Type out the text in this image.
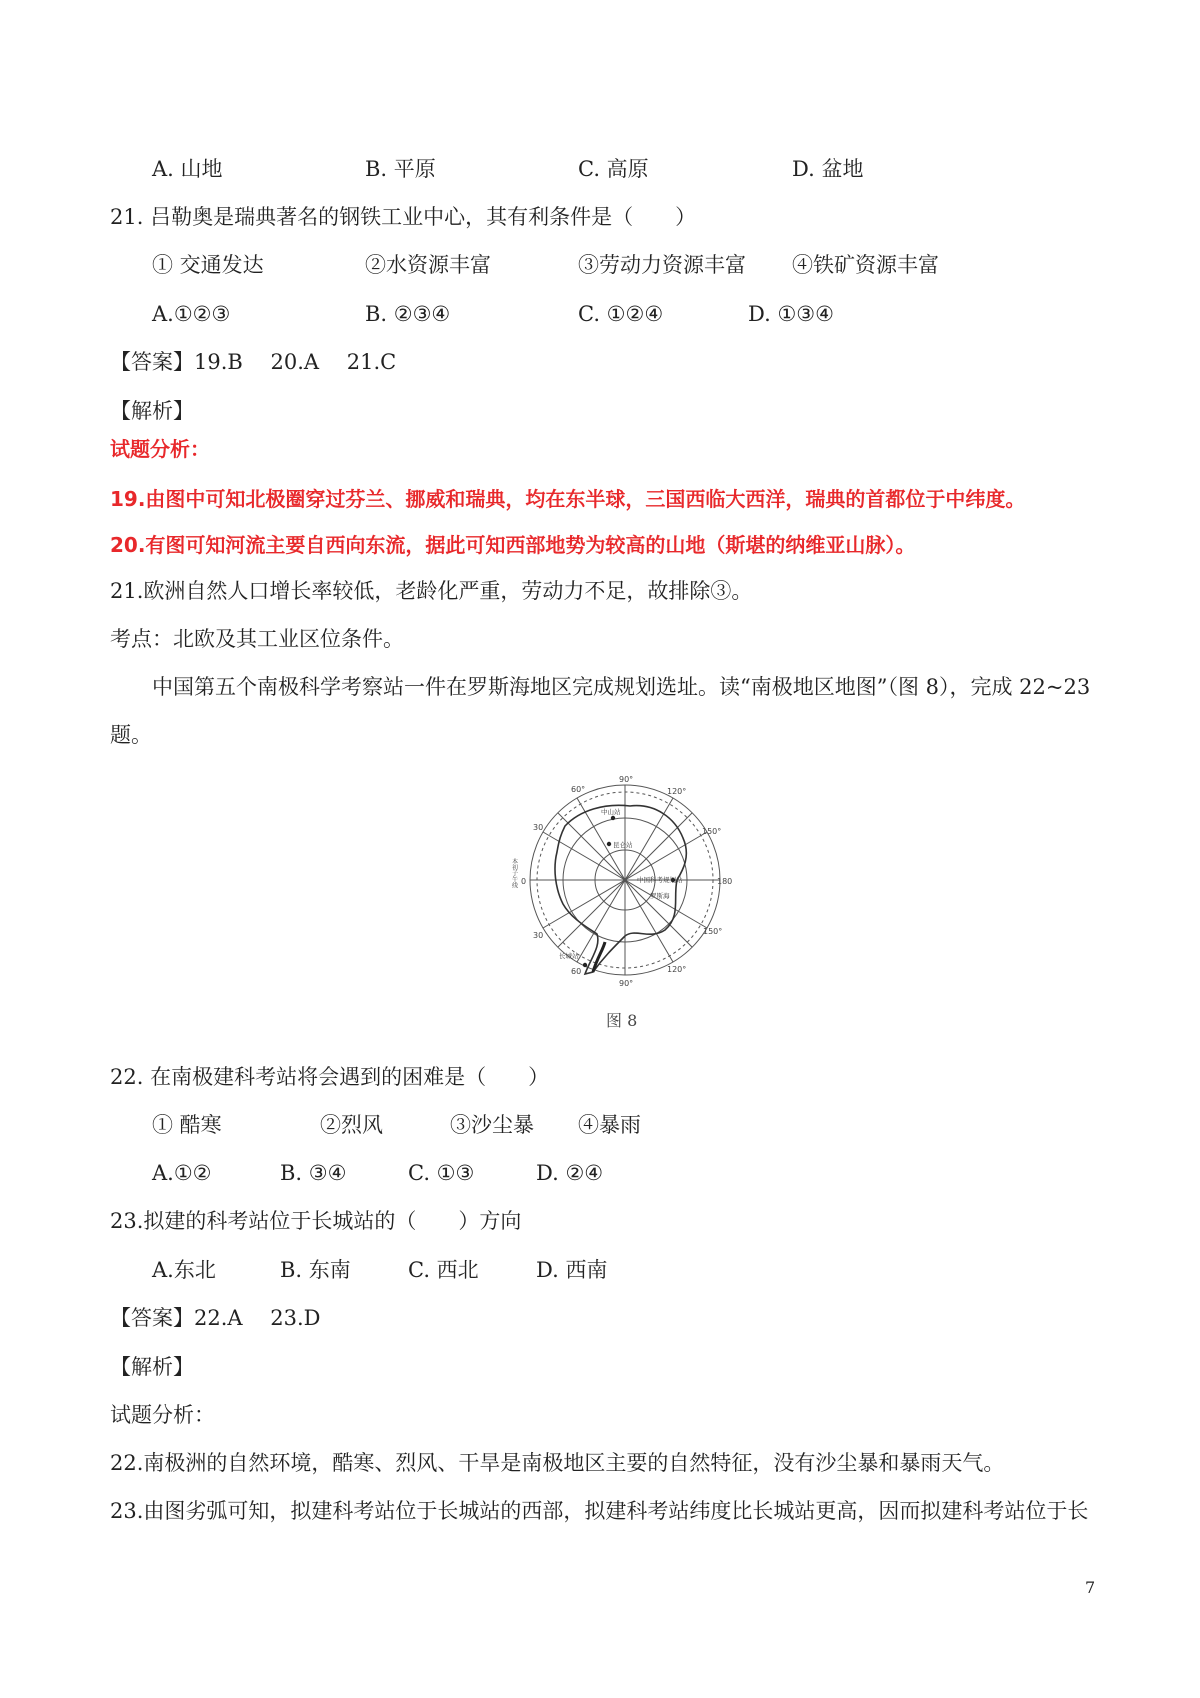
A. 山地	B. 平原	C. 高原	D. 盆地
21. 吕勒奥是瑞典著名的钢铁工业中心，其有利条件是（　　）
① 交通发达	②水资源丰富	③劳动力资源丰富 ④铁矿资源丰富
A.①②③	B. ②③④	C. ①②④	D. ①③④
【答案】19.B　 20.A　 21.C
【解析】
试题分析：
19.由图中可知北极圈穿过芬兰、挪威和瑞典，均在东半球，三国西临大西洋，瑞典的首都位于中纬度。
20.有图可知河流主要自西向东流，据此可知西部地势为较高的山地（斯堪的纳维亚山脉）。
21.欧洲自然人口增长率较低，老龄化严重，劳动力不足，故排除③。
考点：北欧及其工业区位条件。
中国第五个南极科学考察站一件在罗斯海地区完成规划选址。读“南极地区地图”（图 8），完成 22~23
题。
90°
120°
150°
180
150°
120°
90°
60
30
0
30
60°
中山站
昆仑站
中国科考规划站
罗斯海
长城站
本初子午线
图 8
22. 在南极建科考站将会遇到的困难是（　　）
① 酷寒	②烈风	③沙尘暴 ④暴雨
A.①②	B. ③④	C. ①③	D. ②④
23.拟建的科考站位于长城站的（　　）方向
A.东北	B. 东南	C. 西北	D. 西南
【答案】22.A　 23.D
【解析】
试题分析：
22.南极洲的自然环境，酷寒、烈风、干旱是南极地区主要的自然特征，没有沙尘暴和暴雨天气。
23.由图劣弧可知，拟建科考站位于长城站的西部，拟建科考站纬度比长城站更高，因而拟建科考站位于长
7
